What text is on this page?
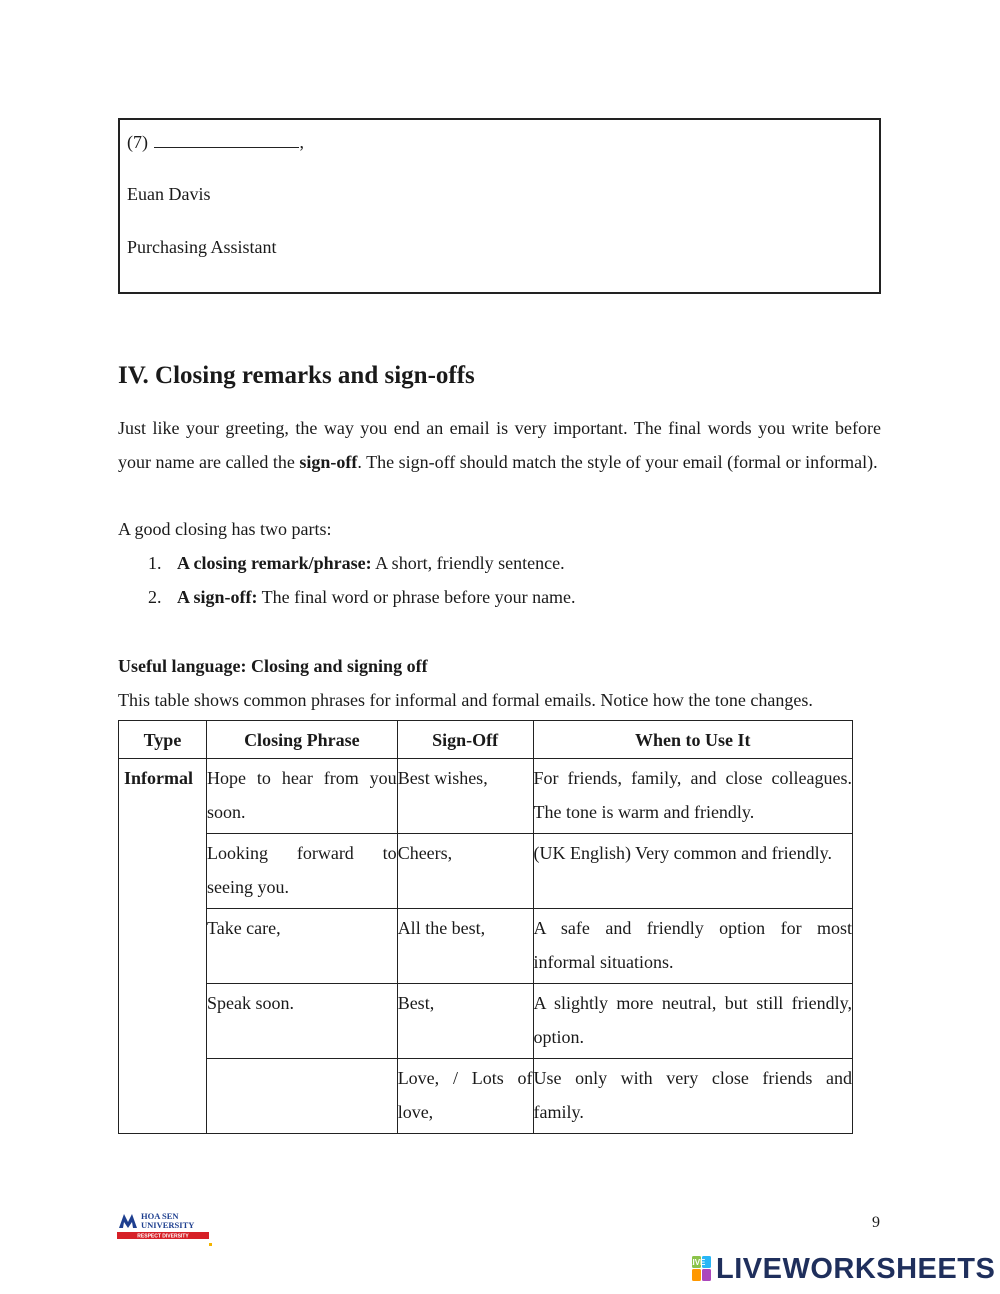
(7)	,
Euan Davis
Purchasing Assistant
IV. Closing remarks and sign-offs

Just like your greeting, the way you end an email is very important. The final words you write before your name are called the sign-off. The sign-off should match the style of your email (formal or informal).

A good closing has two parts:
1. A closing remark/phrase: A short, friendly sentence.
2. A sign-off: The final word or phrase before your name.
Useful language: Closing and signing off
This table shows common phrases for informal and formal emails. Notice how the tone changes.
Type	Closing Phrase	Sign-Off	When to Use It
Informal	Hope to hear from you soon.	Best wishes,	For friends, family, and close colleagues. The tone is warm and friendly.
	Looking forward to seeing you.	Cheers,	(UK English) Very common and friendly.
	Take care,	All the best,	A safe and friendly option for most informal situations.
	Speak soon.	Best,	A slightly more neutral, but still friendly, option.
		Love, / Lots of love,	Use only with very close friends and family.
HOA SEN
UNIVERSITY
RESPECT DIVERSITY
9
LIVE LIVEWORKSHEETS
